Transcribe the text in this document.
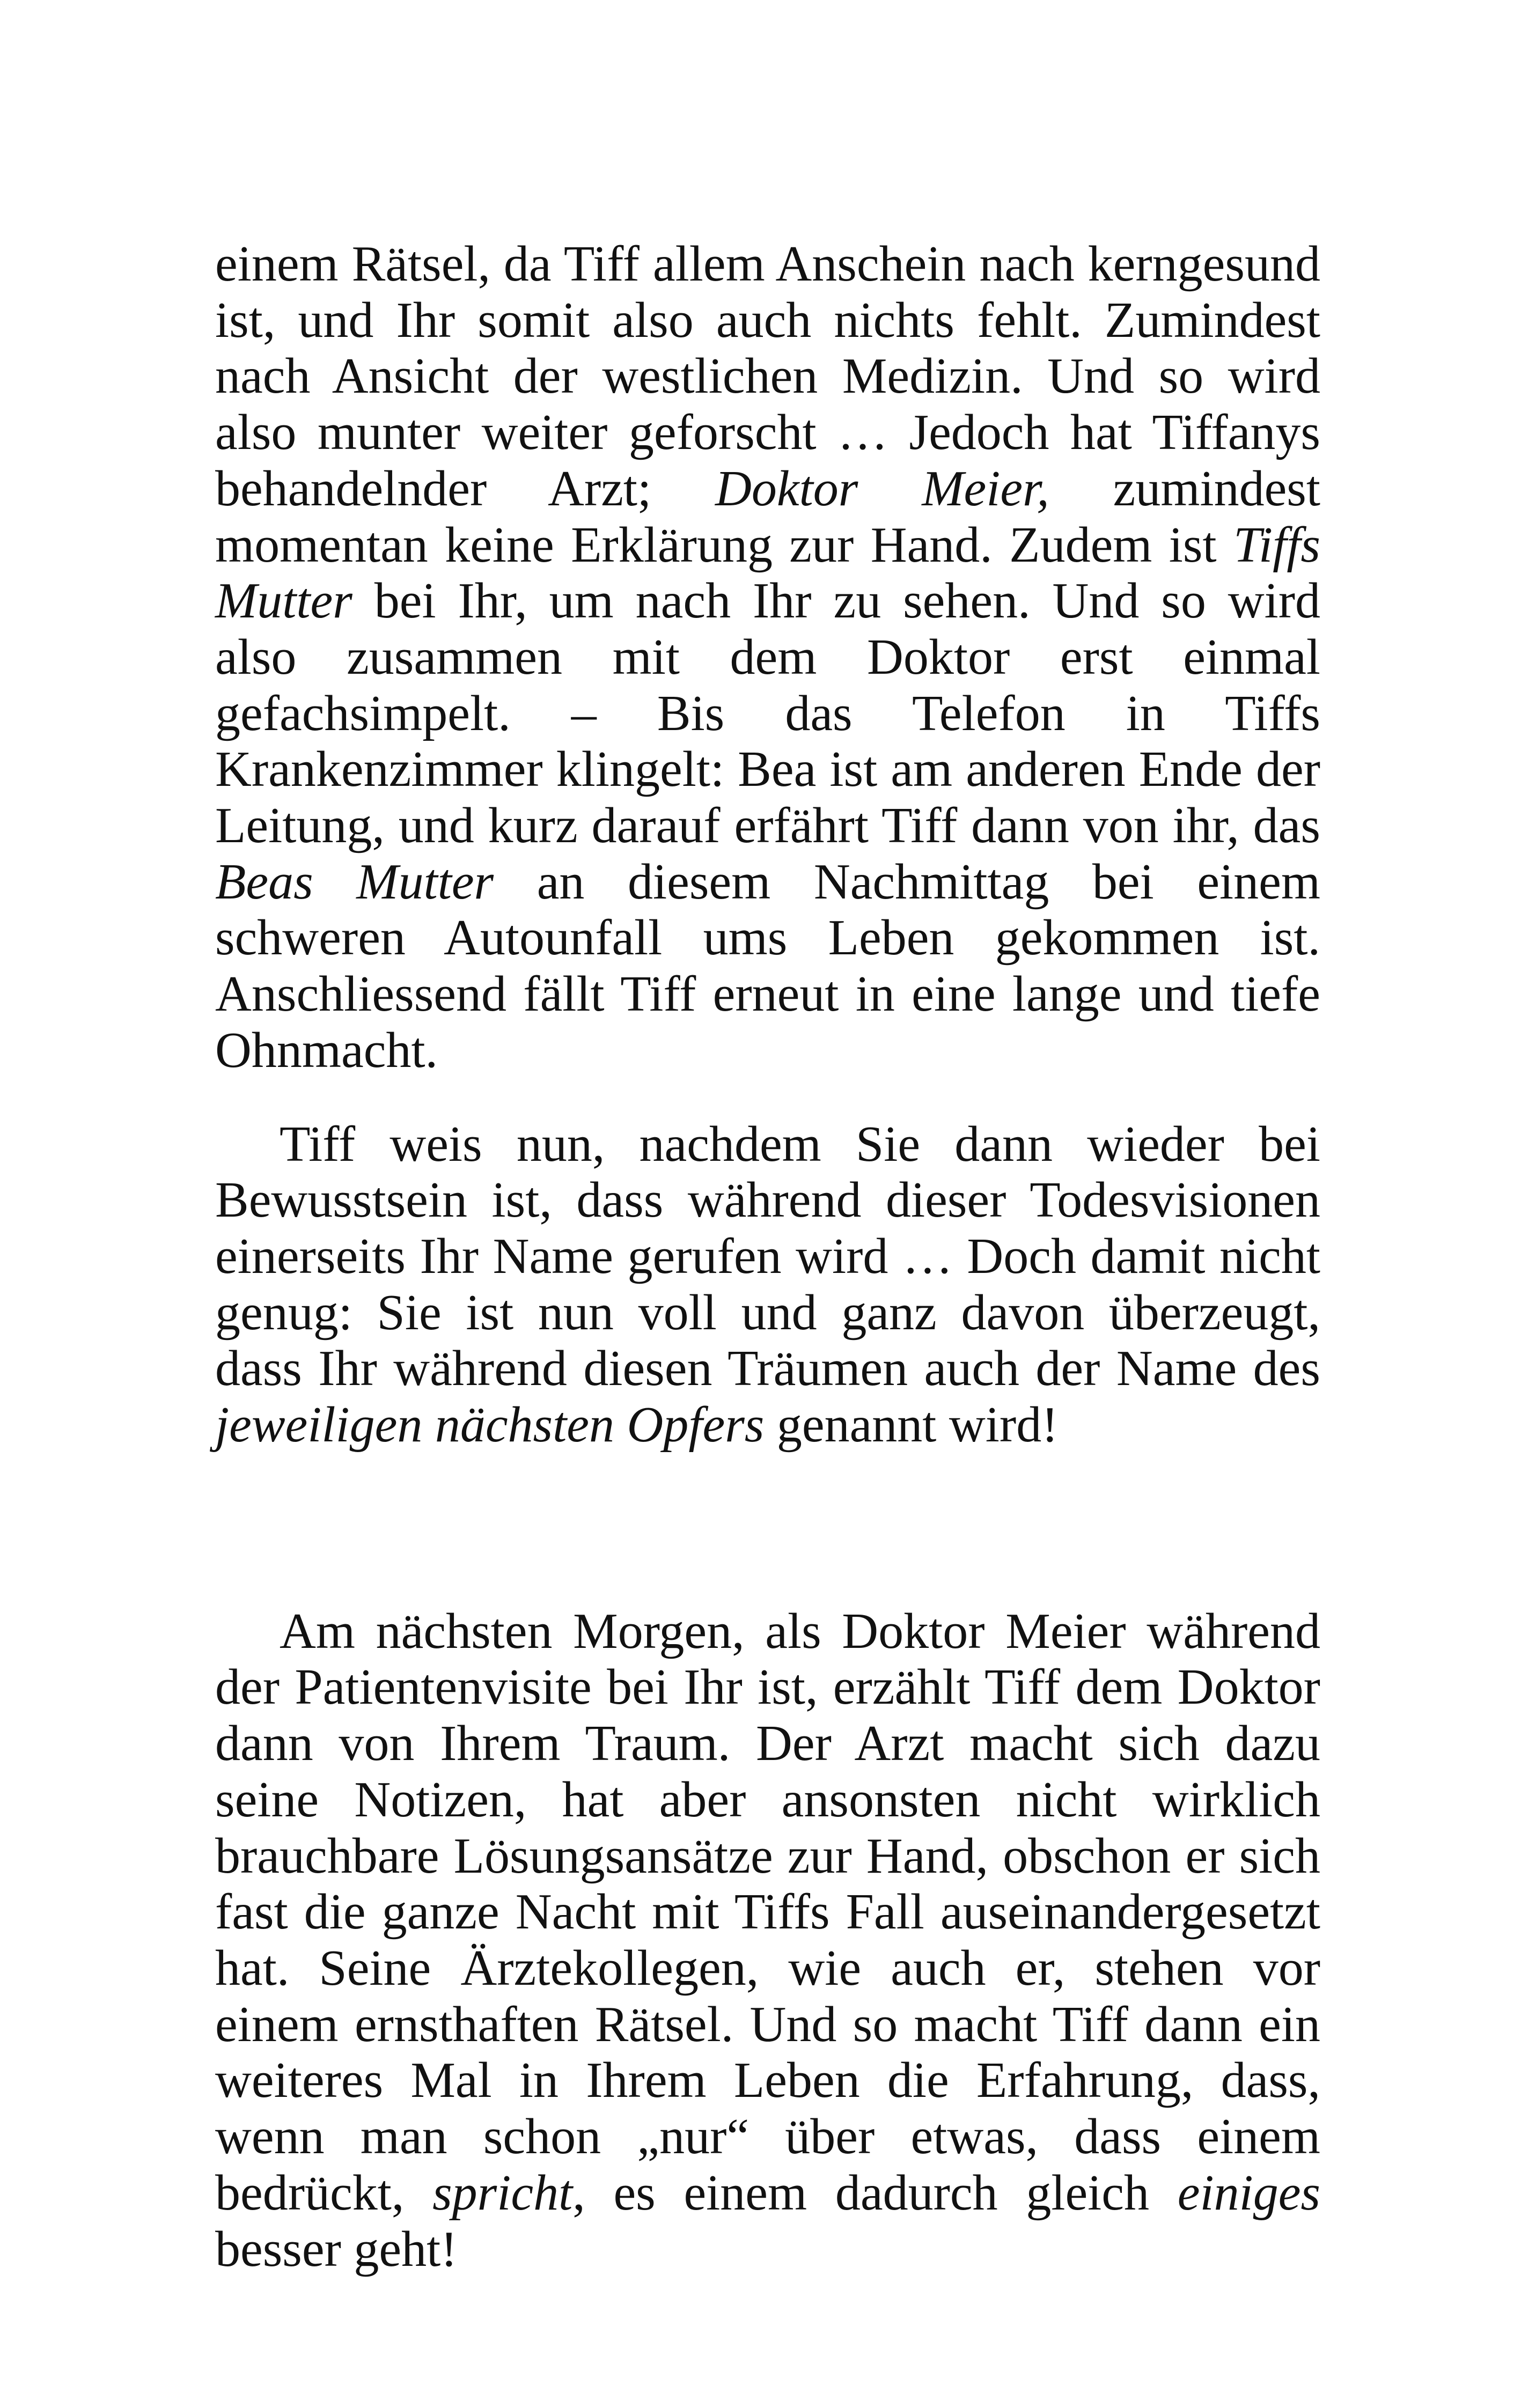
einem Rätsel, da Tiff allem Anschein nach kerngesund ist, und Ihr somit also auch nichts fehlt. Zumindest nach Ansicht der westlichen Medizin. Und so wird also munter weiter geforscht … Jedoch hat Tiffanys behandelnder Arzt; Doktor Meier, zumindest momentan keine Erklärung zur Hand. Zudem ist Tiffs Mutter bei Ihr, um nach Ihr zu sehen. Und so wird also zusammen mit dem Doktor erst einmal gefachsimpelt. – Bis das Telefon in Tiffs Krankenzimmer klingelt: Bea ist am anderen Ende der Leitung, und kurz darauf erfährt Tiff dann von ihr, das Beas Mutter an diesem Nachmittag bei einem schweren Autounfall ums Leben gekommen ist. Anschliessend fällt Tiff erneut in eine lange und tiefe Ohnmacht.

Tiff weis nun, nachdem Sie dann wieder bei Bewusstsein ist, dass während dieser Todesvisionen einerseits Ihr Name gerufen wird … Doch damit nicht genug: Sie ist nun voll und ganz davon überzeugt, dass Ihr während diesen Träumen auch der Name des jeweiligen nächsten Opfers genannt wird!

Am nächsten Morgen, als Doktor Meier während der Patientenvisite bei Ihr ist, erzählt Tiff dem Doktor dann von Ihrem Traum. Der Arzt macht sich dazu seine Notizen, hat aber ansonsten nicht wirklich brauchbare Lösungsansätze zur Hand, obschon er sich fast die ganze Nacht mit Tiffs Fall auseinandergesetzt hat. Seine Ärztekollegen, wie auch er, stehen vor einem ernsthaften Rätsel. Und so macht Tiff dann ein weiteres Mal in Ihrem Leben die Erfahrung, dass, wenn man schon „nur“ über etwas, dass einem bedrückt, spricht, es einem dadurch gleich einiges besser geht!
